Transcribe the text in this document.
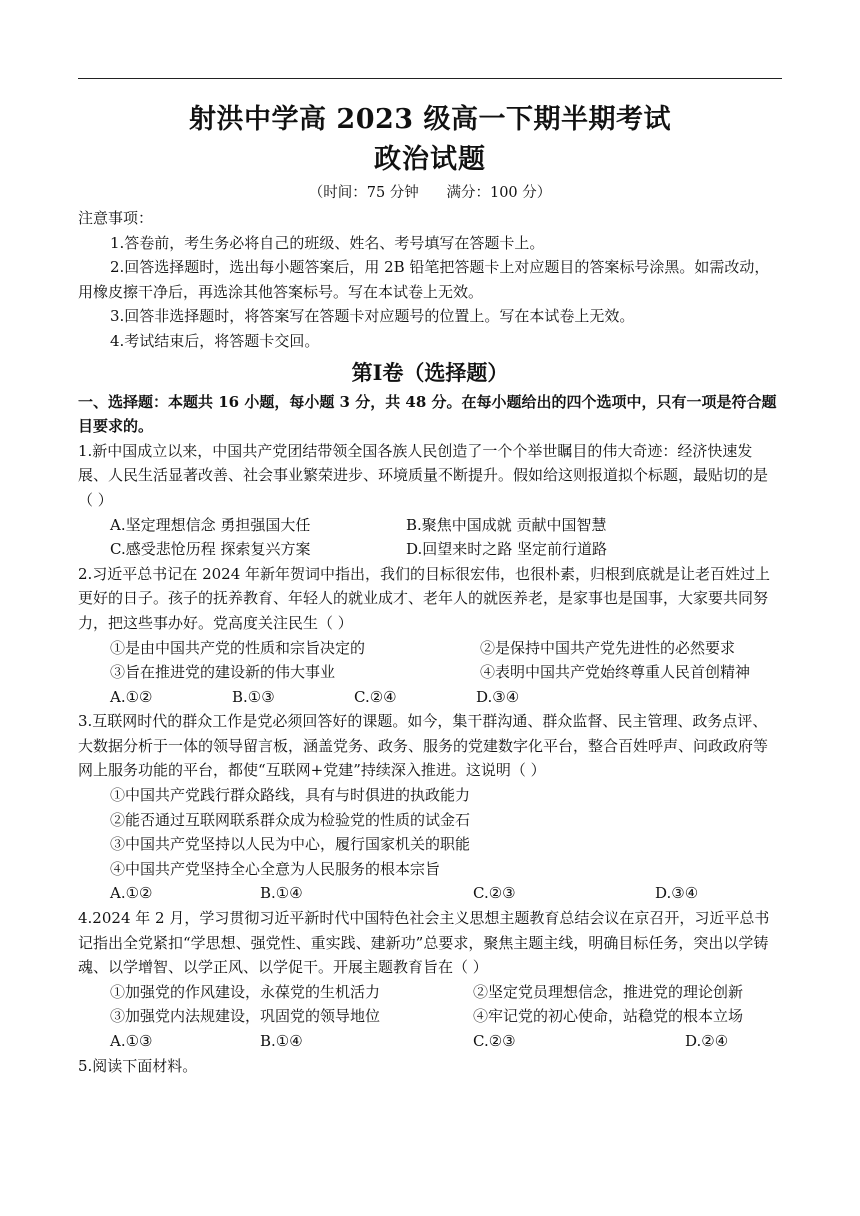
射洪中学高 2023 级高一下期半期考试
政治试题
（时间：75 分钟      满分：100 分）

注意事项：

1.答卷前，考生务必将自己的班级、姓名、考号填写在答题卡上。

2.回答选择题时，选出每小题答案后，用 2B 铅笔把答题卡上对应题目的答案标号涂黑。如需改动，用橡皮擦干净后，再选涂其他答案标号。写在本试卷上无效。

3.回答非选择题时，将答案写在答题卡对应题号的位置上。写在本试卷上无效。

4.考试结束后，将答题卡交回。

第Ⅰ卷（选择题）

一、选择题：本题共 16 小题，每小题 3 分，共 48 分。在每小题给出的四个选项中，只有一项是符合题目要求的。

1.新中国成立以来，中国共产党团结带领全国各族人民创造了一个个举世瞩目的伟大奇迹：经济快速发展、人民生活显著改善、社会事业繁荣进步、环境质量不断提升。假如给这则报道拟个标题，最贴切的是（ ）

A.坚定理想信念 勇担强国大任	B.聚焦中国成就 贡献中国智慧
C.感受悲怆历程 探索复兴方案	D.回望来时之路 坚定前行道路

2.习近平总书记在 2024 年新年贺词中指出，我们的目标很宏伟，也很朴素，归根到底就是让老百姓过上更好的日子。孩子的抚养教育、年轻人的就业成才、老年人的就医养老，是家事也是国事，大家要共同努力，把这些事办好。党高度关注民生（ ）

①是由中国共产党的性质和宗旨决定的	②是保持中国共产党先进性的必然要求
③旨在推进党的建设新的伟大事业	④表明中国共产党始终尊重人民首创精神
A.①②	B.①③	C.②④	D.③④

3.互联网时代的群众工作是党必须回答好的课题。如今，集干群沟通、群众监督、民主管理、政务点评、大数据分析于一体的领导留言板，涵盖党务、政务、服务的党建数字化平台，整合百姓呼声、问政政府等网上服务功能的平台，都使“互联网+党建”持续深入推进。这说明（ ）

①中国共产党践行群众路线，具有与时俱进的执政能力
②能否通过互联网联系群众成为检验党的性质的试金石
③中国共产党坚持以人民为中心，履行国家机关的职能
④中国共产党坚持全心全意为人民服务的根本宗旨
A.①②	B.①④	C.②③	D.③④

4.2024 年 2 月，学习贯彻习近平新时代中国特色社会主义思想主题教育总结会议在京召开，习近平总书记指出全党紧扣“学思想、强党性、重实践、建新功”总要求，聚焦主题主线，明确目标任务，突出以学铸魂、以学增智、以学正风、以学促干。开展主题教育旨在（ ）

①加强党的作风建设，永葆党的生机活力	②坚定党员理想信念，推进党的理论创新
③加强党内法规建设，巩固党的领导地位	④牢记党的初心使命，站稳党的根本立场
A.①③	B.①④	C.②③	D.②④

5.阅读下面材料。
